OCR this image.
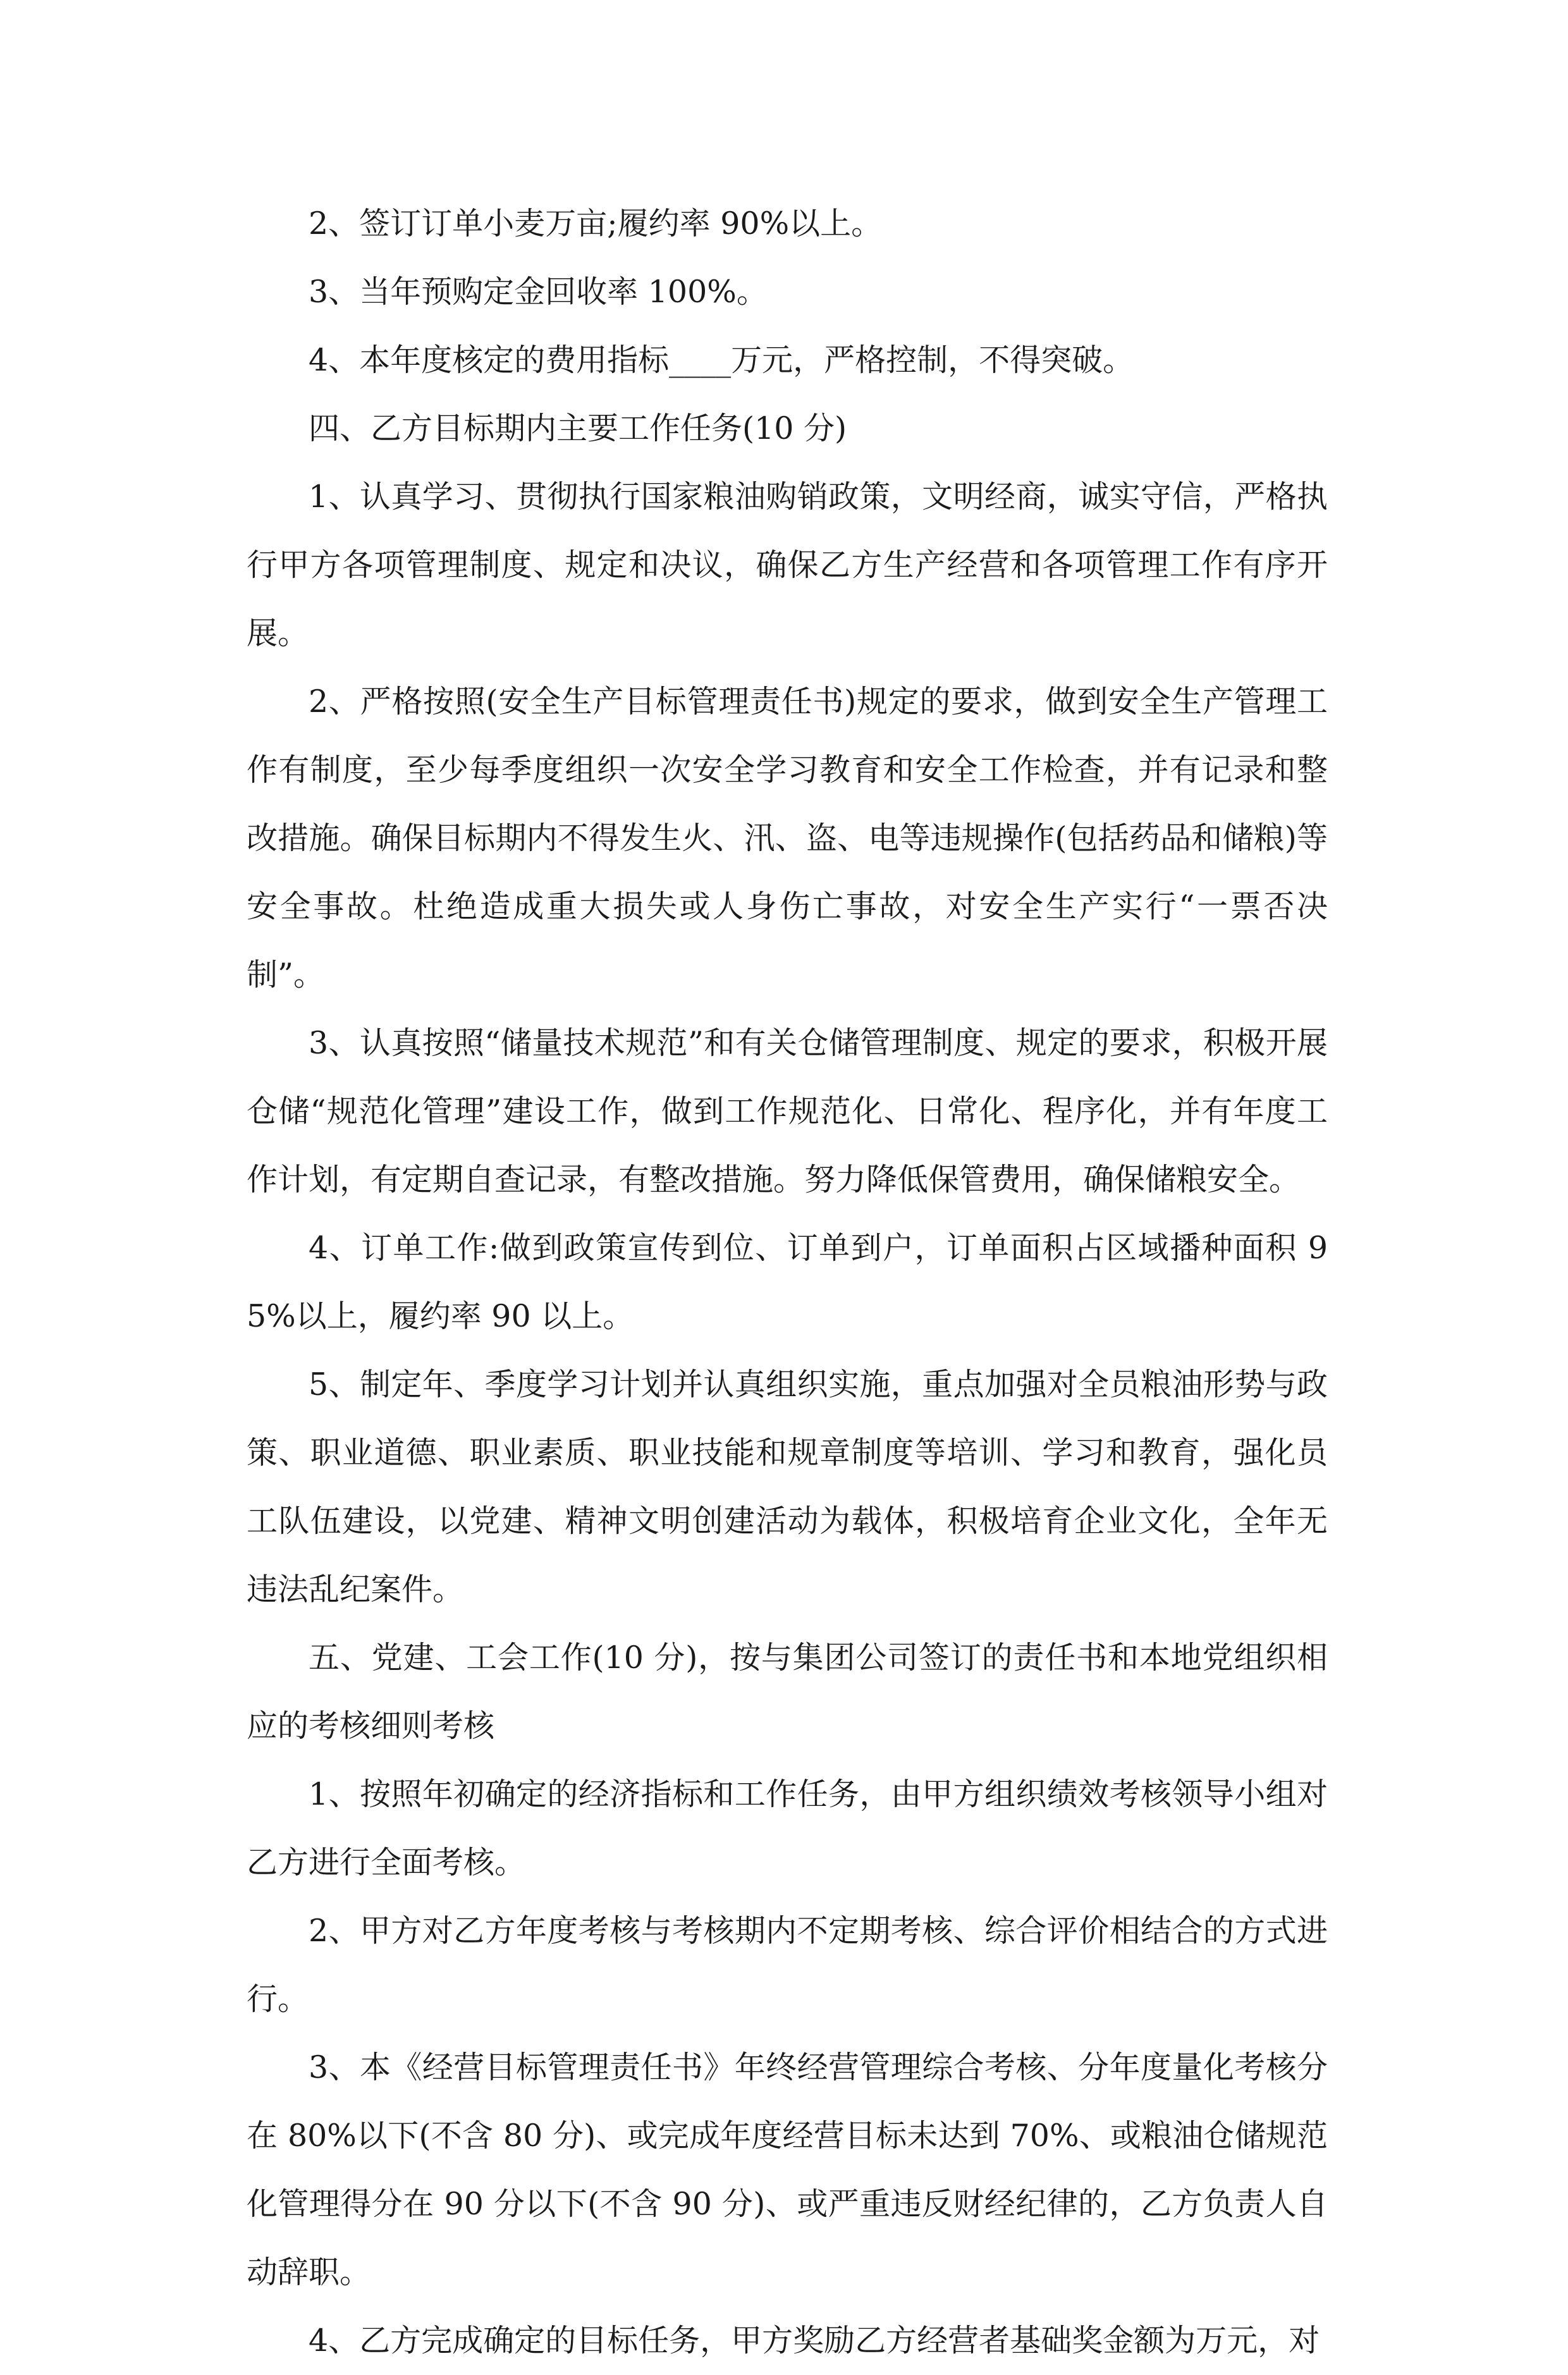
2、签订订单小麦万亩;履约率 90%以上。

3、当年预购定金回收率 100%。

4、本年度核定的费用指标____万元，严格控制，不得突破。

四、乙方目标期内主要工作任务(10 分)

1、认真学习、贯彻执行国家粮油购销政策，文明经商，诚实守信，严格执行甲方各项管理制度、规定和决议，确保乙方生产经营和各项管理工作有序开展。

2、严格按照(安全生产目标管理责任书)规定的要求，做到安全生产管理工作有制度，至少每季度组织一次安全学习教育和安全工作检查，并有记录和整改措施。确保目标期内不得发生火、汛、盗、电等违规操作(包括药品和储粮)等安全事故。杜绝造成重大损失或人身伤亡事故，对安全生产实行“一票否决制”。

3、认真按照“储量技术规范”和有关仓储管理制度、规定的要求，积极开展仓储“规范化管理”建设工作，做到工作规范化、日常化、程序化，并有年度工作计划，有定期自查记录，有整改措施。努力降低保管费用，确保储粮安全。

4、订单工作:做到政策宣传到位、订单到户，订单面积占区域播种面积 95%以上，履约率 90 以上。

5、制定年、季度学习计划并认真组织实施，重点加强对全员粮油形势与政策、职业道德、职业素质、职业技能和规章制度等培训、学习和教育，强化员工队伍建设，以党建、精神文明创建活动为载体，积极培育企业文化，全年无违法乱纪案件。

五、党建、工会工作(10 分)，按与集团公司签订的责任书和本地党组织相应的考核细则考核

1、按照年初确定的经济指标和工作任务，由甲方组织绩效考核领导小组对乙方进行全面考核。

2、甲方对乙方年度考核与考核期内不定期考核、综合评价相结合的方式进行。

3、本《经营目标管理责任书》年终经营管理综合考核、分年度量化考核分在 80%以下(不含 80 分)、或完成年度经营目标未达到 70%、或粮油仓储规范化管理得分在 90 分以下(不含 90 分)、或严重违反财经纪律的，乙方负责人自动辞职。

4、乙方完成确定的目标任务，甲方奖励乙方经营者基础奖金额为万元，对
